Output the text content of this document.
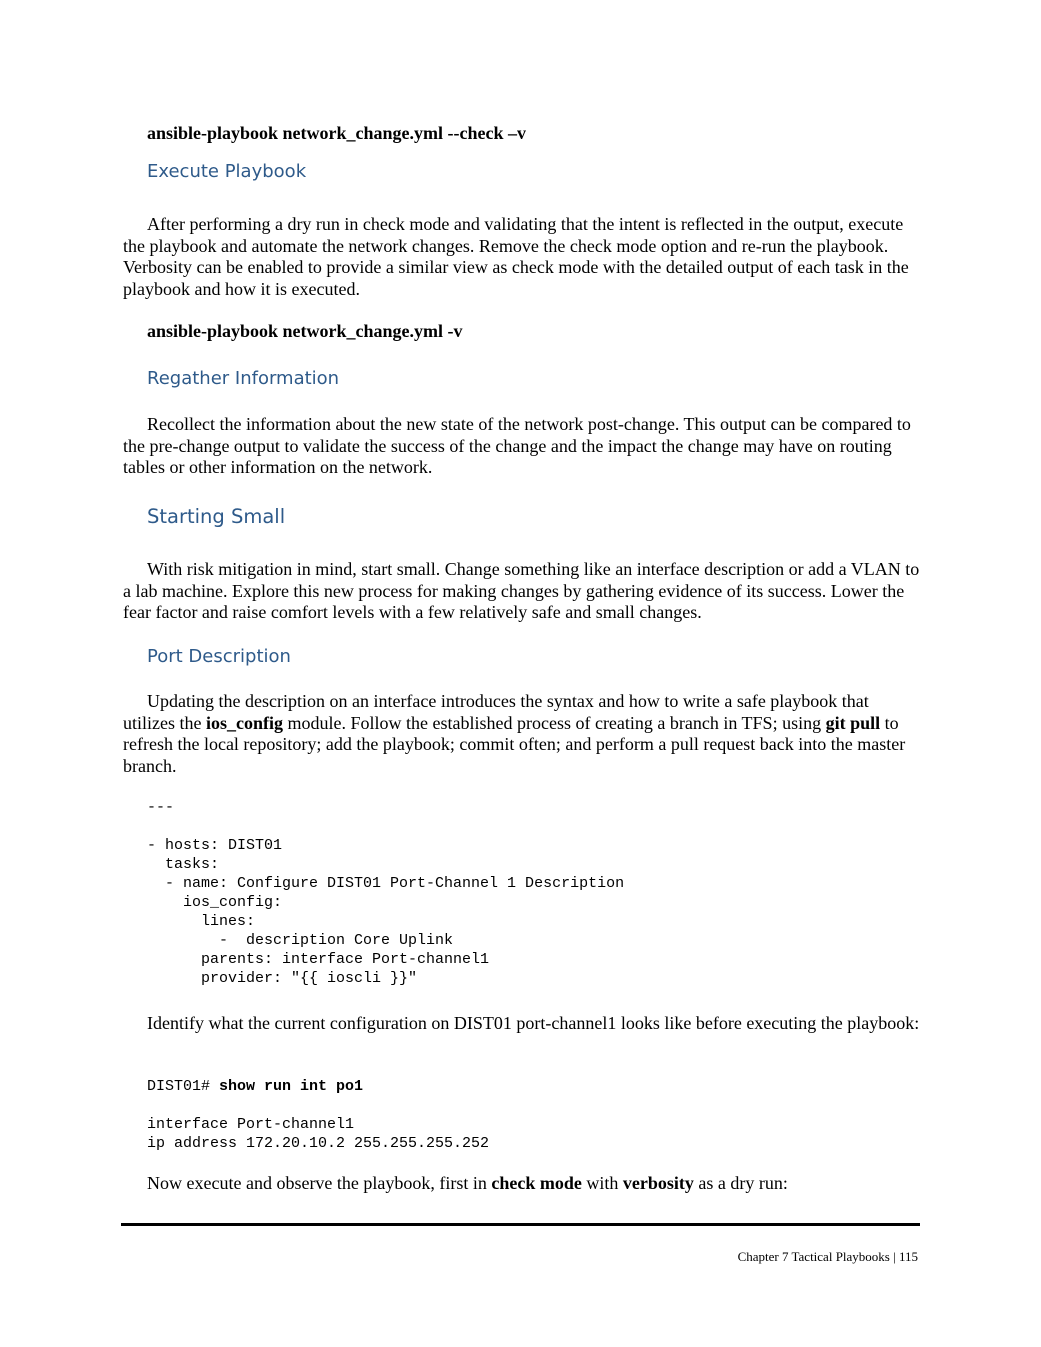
ansible-playbook network_change.yml --check –v

Execute Playbook

After performing a dry run in check mode and validating that the intent is reflected in the output, execute the playbook and automate the network changes. Remove the check mode option and re-run the playbook. Verbosity can be enabled to provide a similar view as check mode with the detailed output of each task in the playbook and how it is executed.

ansible-playbook network_change.yml -v

Regather Information

Recollect the information about the new state of the network post-change. This output can be compared to the pre-change output to validate the success of the change and the impact the change may have on routing tables or other information on the network.

Starting Small

With risk mitigation in mind, start small. Change something like an interface description or add a VLAN to a lab machine. Explore this new process for making changes by gathering evidence of its success. Lower the fear factor and raise comfort levels with a few relatively safe and small changes.

Port Description

Updating the description on an interface introduces the syntax and how to write a safe playbook that utilizes the ios_config module. Follow the established process of creating a branch in TFS; using git pull to refresh the local repository; add the playbook; commit often; and perform a pull request back into the master branch.

---

- hosts: DIST01
tasks:
- name: Configure DIST01 Port-Channel 1 Description
ios_config:
lines:
-  description Core Uplink
parents: interface Port-channel1
provider: "{{ ioscli }}"

Identify what the current configuration on DIST01 port-channel1 looks like before executing the playbook:

DIST01# show run int po1
interface Port-channel1
ip address 172.20.10.2 255.255.255.252

Now execute and observe the playbook, first in check mode with verbosity as a dry run:

Chapter 7 Tactical Playbooks | 115
